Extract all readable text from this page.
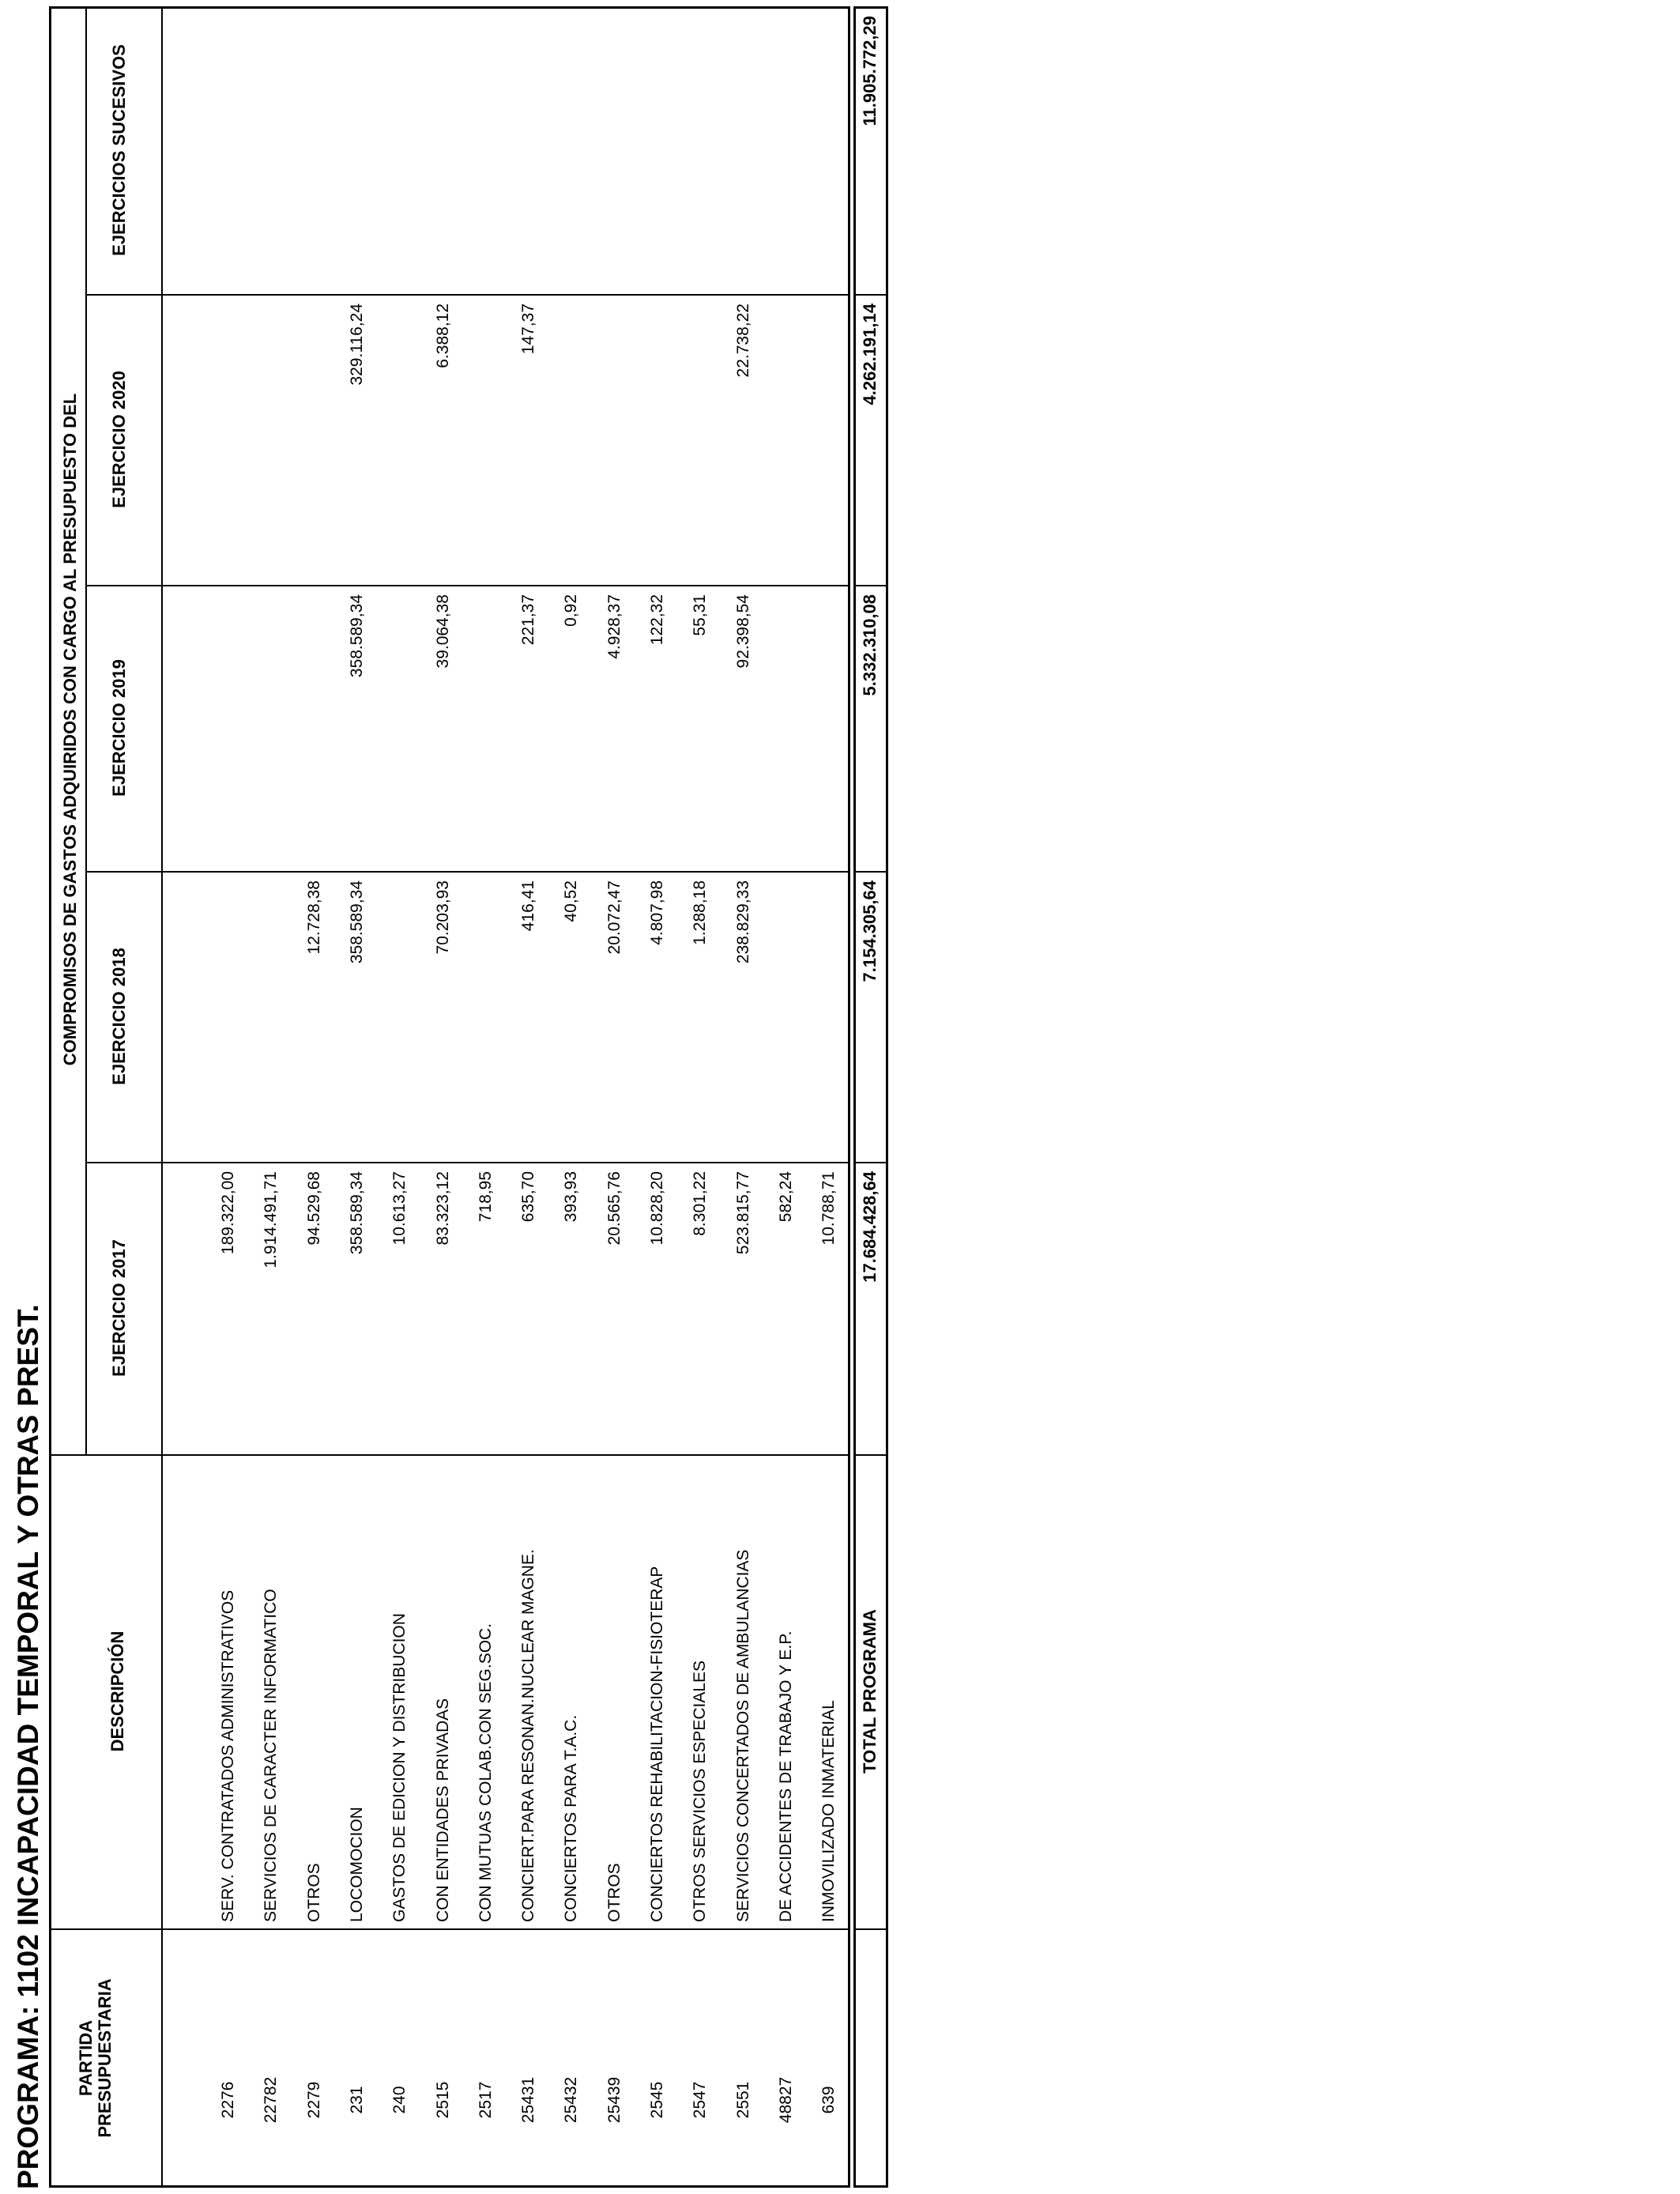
PROGRAMA: 1102 INCAPACIDAD TEMPORAL Y OTRAS PREST.
COMPROMISOS DE GASTOS ADQUIRIDOS CON CARGO AL PRESUPUESTO DEL
EJERCICIO 2017
EJERCICIO 2018
EJERCICIO 2019
EJERCICIO 2020
EJERCICIOS SUCESIVOS
DESCRIPCIÓN
PARTIDA PRESUPUESTARIA	2276
SERV. CONTRATADOS ADMINISTRATIVOS
189.322,00
22782
SERVICIOS DE CARACTER INFORMATICO
1.914.491,71
2279
OTROS
94.529,68
12.728,38
231
LOCOMOCION
358.589,34
358.589,34
358.589,34
329.116,24
240
GASTOS DE EDICION Y DISTRIBUCION
10.613,27
2515
CON ENTIDADES PRIVADAS
83.323,12
70.203,93
39.064,38
6.388,12
2517
CON MUTUAS COLAB.CON SEG.SOC.
718,95
25431
CONCIERT.PARA RESONAN.NUCLEAR MAGNE.
635,70
416,41
221,37
147,37
25432
CONCIERTOS PARA T.A.C.
393,93
40,52
0,92
25439
OTROS
20.565,76
20.072,47
4.928,37
2545
CONCIERTOS REHABILITACION-FISIOTERAP
10.828,20
4.807,98
122,32
2547
OTROS SERVICIOS ESPECIALES
8.301,22
1.288,18
55,31
2551
SERVICIOS CONCERTADOS DE AMBULANCIAS
523.815,77
238.829,33
92.398,54
22.738,22
48827
DE ACCIDENTES DE TRABAJO Y E.P.
582,24
639
INMOVILIZADO INMATERIAL
10.788,71
TOTAL PROGRAMA
17.684.428,64
7.154.305,64
5.332.310,08
4.262.191,14
11.905.772,29
